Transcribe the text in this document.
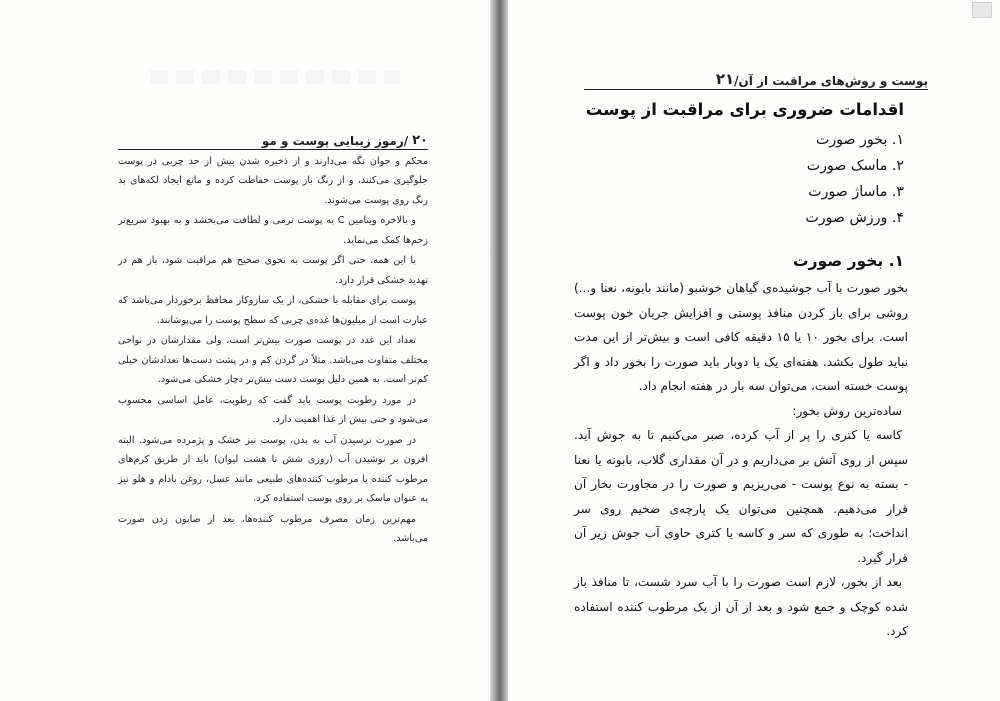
۲۰
/
رموز زیبایی پوست و مو

محکم و جوان نگه می‌دارند و از ذخیره شدن بیش از حد چربی در پوست جلوگیری می‌کنند، و از رنگ باز پوست حفاظت کرده و مانع ایجاد لکه‌های بد رنگ روی پوست می‌شوند.

و بالاخره ویتامین C به پوست نرمی و لطافت می‌بخشد و به بهبود سریع‌تر زخم‌ها کمک می‌نماید.

با این همه، حتی اگر پوست به نحوی صحیح هم مراقبت شود، باز هم در تهدید خشکی قرار دارد.

پوست برای مقابله با خشکی، از یک سازوکار محافظ برخوردار می‌باشد که عبارت است از میلیون‌ها غده‌ی چربی که سطح پوست را می‌پوشانند.

تعداد این غدد در پوست صورت بیش‌تر است، ولی مقدارشان در نواحی مختلف متفاوت می‌باشد. مثلاً در گردن کم و در پشت دست‌ها تعدادشان خیلی کم‌تر است. به همین دلیل پوست دست بیش‌تر دچار خشکی می‌شود.

در مورد رطوبت پوست باید گفت که رطوبت، عامل اساسی محسوب می‌شود و حتی بیش از غذا اهمیت دارد.

در صورت نرسیدن آب به بدن، پوست نیز خشک و پژمرده می‌شود. البته افزون بر نوشیدن آب (روزی شش تا هشت لیوان) باید از طریق کرم‌های مرطوب کننده یا مرطوب کننده‌های طبیعی مانند عسل، روغن بادام و هلو نیز به عنوان ماسک بر روی پوست استفاده کرد.

مهم‌ترین زمان مصرف مرطوب کننده‌ها، بعد از صابون زدن صورت می‌باشد.

پوست و روش‌های مراقبت از آن
/
۲۱
اقدامات ضروری برای مراقبت از پوست
۱. بخور صورت
۲. ماسک صورت
۳. ماساژ صورت
۴. ورزش صورت
۱. بخور صورت

بخور صورت با آب جوشیده‌ی گیاهان خوشبو (مانند بابونه، نعنا و...) روشی برای باز کردن منافذ پوستی و افزایش جریان خون پوست است. برای بخور ۱۰ یا ۱۵ دقیقه کافی است و بیش‌تر از این مدت نباید طول بکشد. هفته‌ای یک یا دوبار باید صورت را بخور داد و اگر پوست خسته است، می‌توان سه بار در هفته انجام داد.

ساده‌ترین روش بخور:

کاسه یا کتری را پر از آب کرده، صبر می‌کنیم تا به جوش آید. سپس از روی آتش بر می‌داریم و در آن مقداری گلاب، بابونه یا نعنا - بسته به نوع پوست - می‌ریزیم و صورت را در مجاورت بخار آن قرار می‌دهیم. همچنین می‌توان یک پارچه‌ی ضخیم روی سر انداخت؛ به طوری که سر و کاسه یا کتری حاوی آب جوش زیر آن قرار گیرد.

بعد از بخور، لازم است صورت را با آب سرد شست، تا منافذ باز شده کوچک و جمع شود و بعد از آن از یک مرطوب کننده استفاده کرد.
